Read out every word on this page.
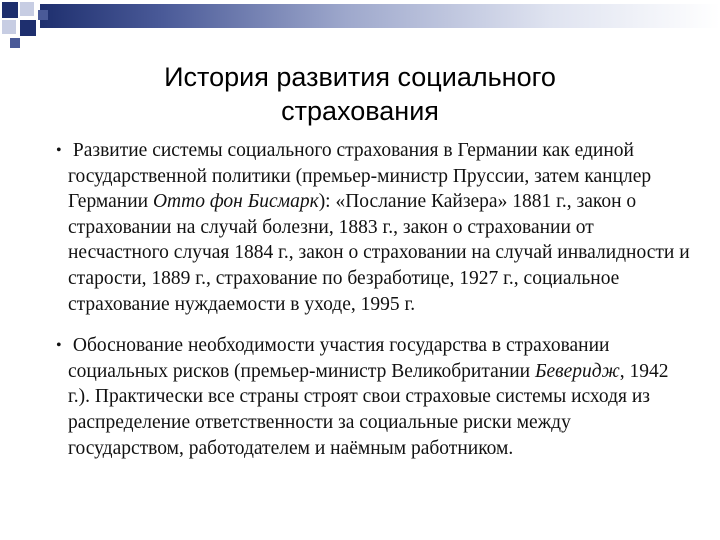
История развития социального
страхования
• Развитие системы социального страхования в Германии как единой государственной политики (премьер-министр Пруссии, затем канцлер Германии Отто фон Бисмарк): «Послание Кайзера» 1881 г., закон о страховании на случай болезни, 1883 г., закон о страховании от несчастного случая 1884 г., закон о страховании на случай инвалидности и старости, 1889 г., страхование по безработице, 1927 г., социальное страхование нуждаемости в уходе, 1995 г.
• Обоснование необходимости участия государства в страховании социальных рисков (премьер-министр Великобритании Беверидж, 1942 г.). Практически все страны строят свои страховые системы исходя из распределение ответственности за социальные риски между государством, работодателем и наёмным работником.
